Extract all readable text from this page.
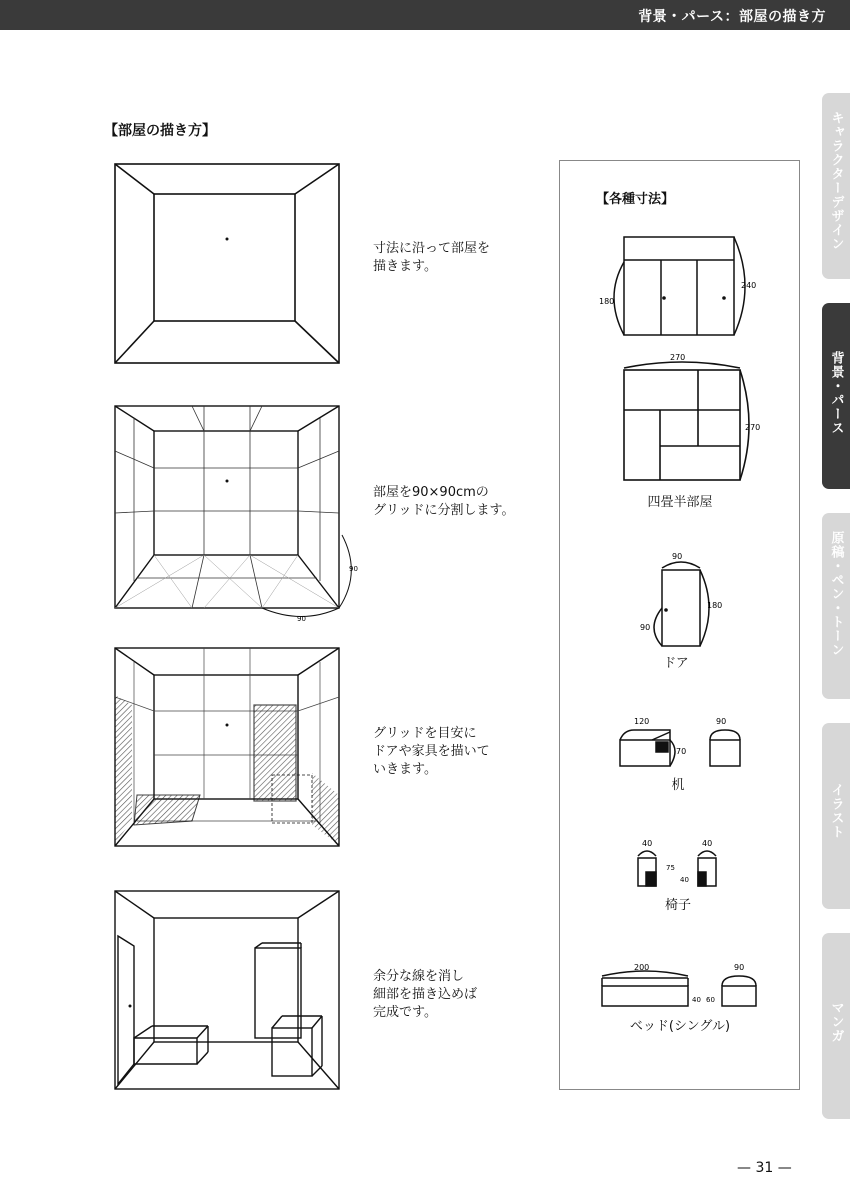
背景・パース：部屋の描き方
キャラクターデザイン
背景・パース
原稿・ペン・トーン
イラスト
マンガ
【部屋の描き方】
寸法に沿って部屋を
描きます。
90
90
部屋を90×90cmの
グリッドに分割します。
グリッドを目安に
ドアや家具を描いて
いきます。
余分な線を消し
細部を描き込めば
完成です。
【各種寸法】
180
240
270
270
四畳半部屋
90
180
90
ドア
120
70
90
机
40	40
75
40
椅子
200
40 60
90
ベッド(シングル)
— 31 —
